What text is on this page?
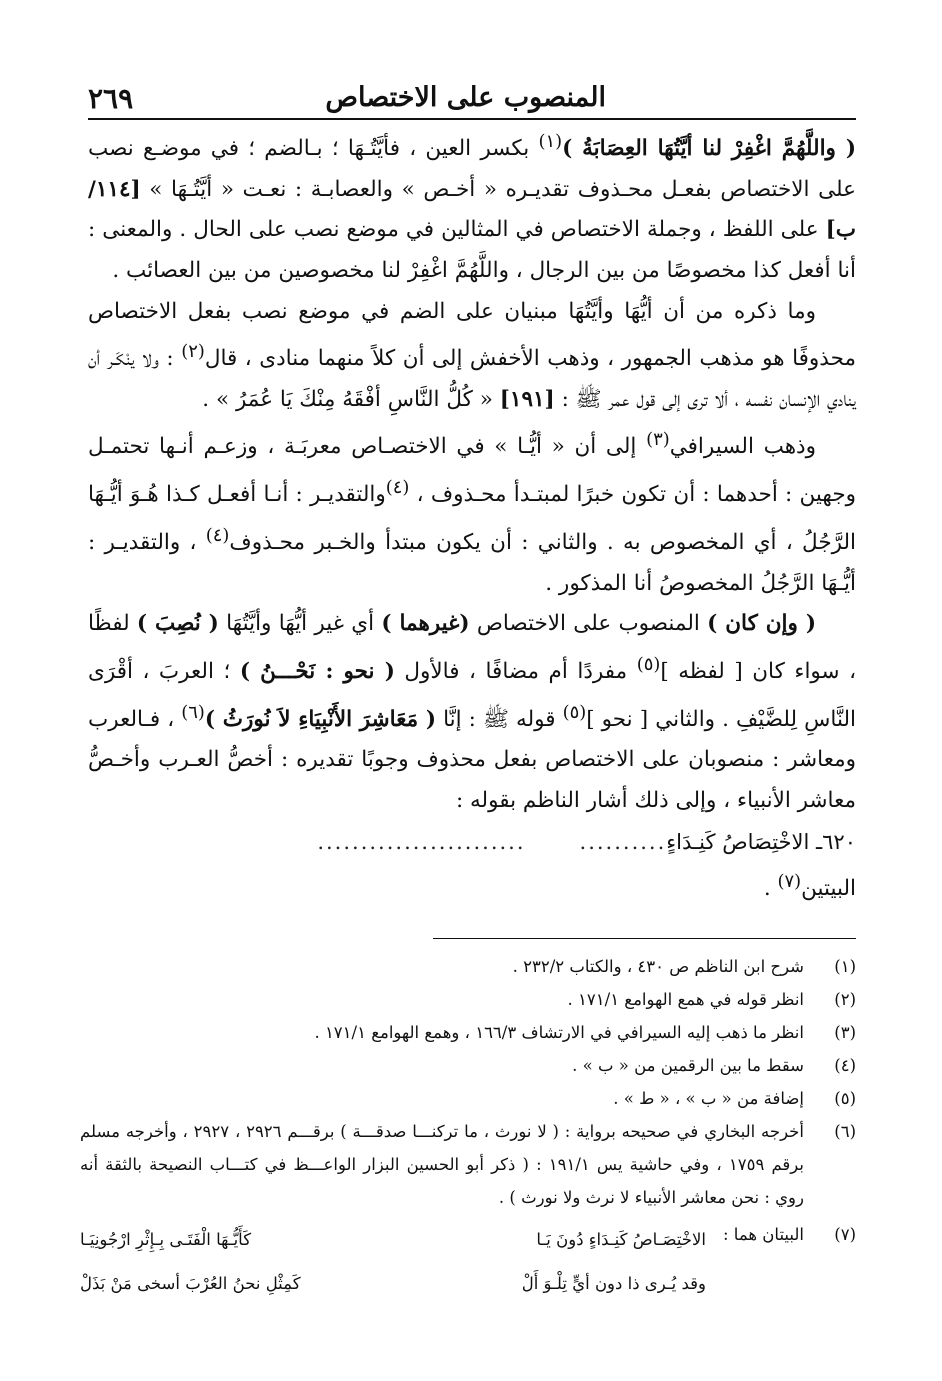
المنصوب على الاختصاص
٢٦٩

( واللَّهُمَّ اغْفِرْ لنا أيَّتُهَا العِصَابَةُ )$^{(١)}$ بكسر العين ، فأيَّتُـهَا ؛ بـالضم ؛ في موضـع نصب على الاختصاص بفعـل محـذوف تقديـره « أخـص » والعصابـة : نعـت « أيَّتُـهَا » [١١٤/ب] على اللفظ ، وجملة الاختصاص في المثالين في موضع نصب على الحال . والمعنى : أنا أفعل كذا مخصوصًا من بين الرجال ، واللَّهُمَّ اغْفِرْ لنا مخصوصين من بين العصائب .

وما ذكره من أن أيُّهَا وأيَّتُهَا مبنيان على الضم في موضع نصب بفعل الاختصاص محذوفًا هو مذهب الجمهور ، وذهب الأخفش إلى أن كلاً منهما منادى ، قال$^{(٢)}$ : ولا ينْكَـر أن ينادي الإنسان نفسه ، ألا ترى إلى قول عمر ﷺ : [١٩١] « كُلُّ النَّاسِ أفْقَهُ مِنْكَ يَا عُمَرُ » .

وذهب السيرافي$^{(٣)}$ إلى أن « أيُّـا » في الاختصـاص معربَـة ، وزعـم أنـها تحتمـل وجهين : أحدهما : أن تكون خبرًا لمبتـدأ محـذوف ، $^{(٤)}$والتقديـر : أنـا أفعـل كـذا هُـوَ أيُّـهَا الرَّجُلُ ، أي المخصوص به . والثاني : أن يكون مبتدأ والخـبر محـذوف$^{(٤)}$ ، والتقديـر : أيُّـهَا الرَّجُلُ المخصوصُ أنا المذكور .

( وإن كان ) المنصوب على الاختصاص (غيرهما ) أي غير أيُّهَا وأيَّتُهَا ( نُصِبَ ) لفظًا ، سواء كان [ لفظه ]$^{(٥)}$ مفردًا أم مضافًا ، فالأول ( نحو : نَحْـــنُ ) ؛ العربَ ، أقْرَى النَّاسِ لِلضَّيْفِ . والثاني [ نحو ]$^{(٥)}$ قوله ﷺ : إنَّا ( مَعَاشِرَ الأَنْبِيَاءِ لاَ نُورَثُ )$^{(٦)}$ ، فـالعرب ومعاشر : منصوبان على الاختصاص بفعل محذوف وجوبًا تقديره : أخصُّ العـرب وأخـصُّ معاشر الأنبياء ، وإلى ذلك أشار الناظم بقوله :

٦٢٠
ـ الاخْتِصَاصُ كَنِـدَاءٍ
..........
........................

البيتين$^{(٧)}$ .

(١)
شرح ابن الناظم ص ٤٣٠ ، والكتاب ٢٣٢/٢ .
(٢)
انظر قوله في همع الهوامع ١٧١/١ .
(٣)
انظر ما ذهب إليه السيرافي في الارتشاف ١٦٦/٣ ، وهمع الهوامع ١٧١/١ .
(٤)
سقط ما بين الرقمين من « ب » .
(٥)
إضافة من « ب » ، « ط » .
(٦)
أخرجه البخاري في صحيحه برواية : ( لا نورث ، ما تركنـــا صدقـــة ) برقـــم ٢٩٢٦ ، ٢٩٢٧ ، وأخرجه مسلم برقم ١٧٥٩ ، وفي حاشية يس ١٩١/١ : ( ذكر أبو الحسين البزار الواعـــظ في كتـــاب النصيحة بالثقة أنه روي : نحن معاشر الأنبياء لا نرث ولا نورث ) .
(٧)
البيتان هما :
الاخْتِصَـاصُ كَنِـدَاءٍ دُونَ يَـا
كَأَيُّـهَا الْفَتَـى بِـإِثْرِ ارْجُونِيَـا
وقد يُـرى ذا دون أيٍّ تِلْـوَ أَلْ
كَمِثْلِ نحنُ العُرْبَ أسخى مَنْ بَذَلْ
